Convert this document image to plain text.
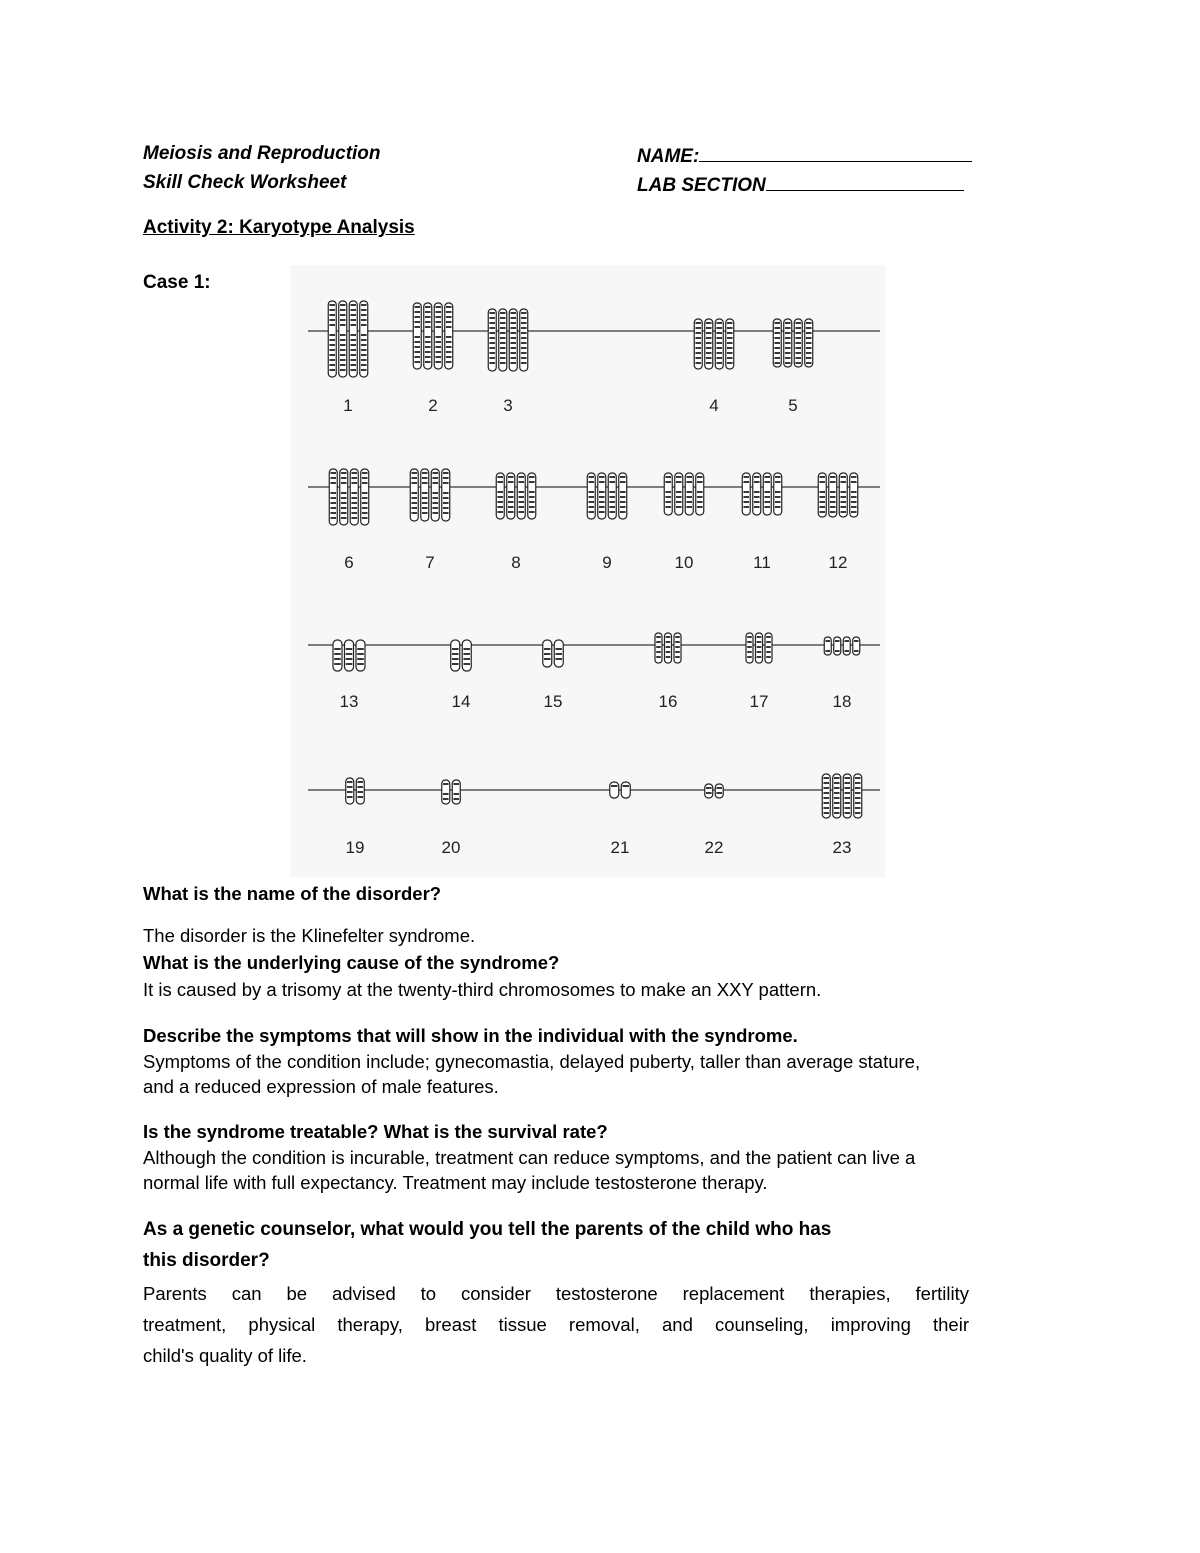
Meiosis and Reproduction
Skill Check Worksheet
NAME:
LAB SECTION
Activity 2: Karyotype Analysis
Case 1:
1	2	3	4	5
6	7	8	9	10	11	12
13	14	15	16	17	18
19	20	21	22	23
What is the name of the disorder?
The disorder is the Klinefelter syndrome.
What is the underlying cause of the syndrome?
It is caused by a trisomy at the twenty-third chromosomes to make an XXY pattern.
Describe the symptoms that will show in the individual with the syndrome.
Symptoms of the condition include; gynecomastia, delayed puberty, taller than average stature,
and a reduced expression of male features.
Is the syndrome treatable? What is the survival rate?
Although the condition is incurable, treatment can reduce symptoms, and the patient can live a
normal life with full expectancy. Treatment may include testosterone therapy.
As a genetic counselor, what would you tell the parents of the child who has
this disorder?
Parents can be advised to consider testosterone replacement therapies, fertility
treatment, physical therapy, breast tissue removal, and counseling, improving their
child's quality of life.
